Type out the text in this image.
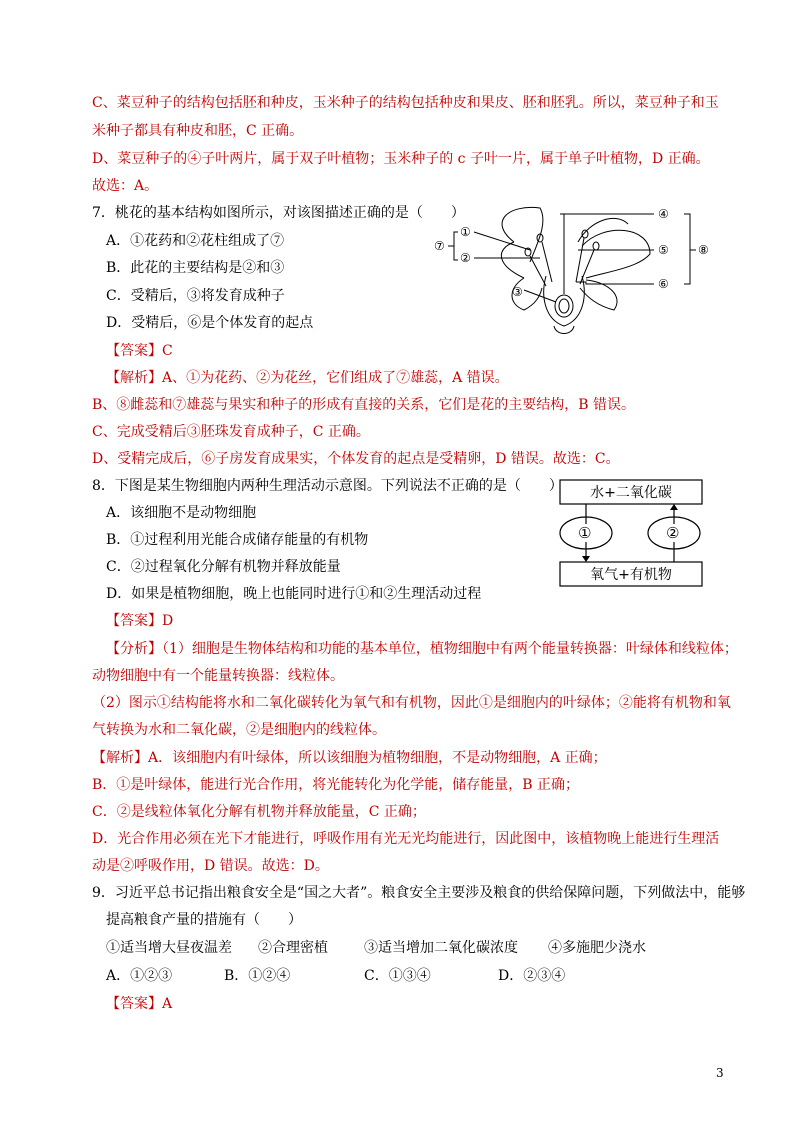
C、菜豆种子的结构包括胚和种皮，玉米种子的结构包括种皮和果皮、胚和胚乳。所以，菜豆种子和玉
米种子都具有种皮和胚，C 正确。
D、菜豆种子的④子叶两片，属于双子叶植物；玉米种子的 c 子叶一片，属于单子叶植物，D 正确。
故选：A。
7．桃花的基本结构如图所示，对该图描述正确的是（　　）
A．①花药和②花柱组成了⑦
B．此花的主要结构是②和③
C．受精后，③将发育成种子
D．受精后，⑥是个体发育的起点
【答案】C
【解析】A、①为花药、②为花丝，它们组成了⑦雄蕊，A 错误。
B、⑧雌蕊和⑦雄蕊与果实和种子的形成有直接的关系，它们是花的主要结构，B 错误。
C、完成受精后③胚珠发育成种子，C 正确。
D、受精完成后，⑥子房发育成果实，个体发育的起点是受精卵，D 错误。故选：C。
①
②
③
④
⑤
⑥
⑦	⑧
8．下图是某生物细胞内两种生理活动示意图。下列说法不正确的是（　　）
A．该细胞不是动物细胞
B．①过程利用光能合成储存能量的有机物
C．②过程氧化分解有机物并释放能量
D．如果是植物细胞，晚上也能同时进行①和②生理活动过程
【答案】D
【分析】（1）细胞是生物体结构和功能的基本单位，植物细胞中有两个能量转换器：叶绿体和线粒体；
动物细胞中有一个能量转换器：线粒体。
（2）图示①结构能将水和二氧化碳转化为氧气和有机物，因此①是细胞内的叶绿体；②能将有机物和氧
气转换为水和二氧化碳，②是细胞内的线粒体。
【解析】A．该细胞内有叶绿体，所以该细胞为植物细胞，不是动物细胞，A 正确；
B．①是叶绿体，能进行光合作用，将光能转化为化学能，储存能量，B 正确；
C．②是线粒体氧化分解有机物并释放能量，C 正确；
D．光合作用必须在光下才能进行，呼吸作用有光无光均能进行，因此图中，该植物晚上能进行生理活
动是②呼吸作用，D 错误。故选：D。
水+二氧化碳
氧气+有机物
①	②
9．习近平总书记指出粮食安全是“国之大者”。粮食安全主要涉及粮食的供给保障问题，下列做法中，能够
提高粮食产量的措施有（　　）
①适当增大昼夜温差 ②合理密植	③适当增加二氧化碳浓度 ④多施肥少浇水
A．①②③	B．①②④	C．①③④	D．②③④
【答案】A
3
